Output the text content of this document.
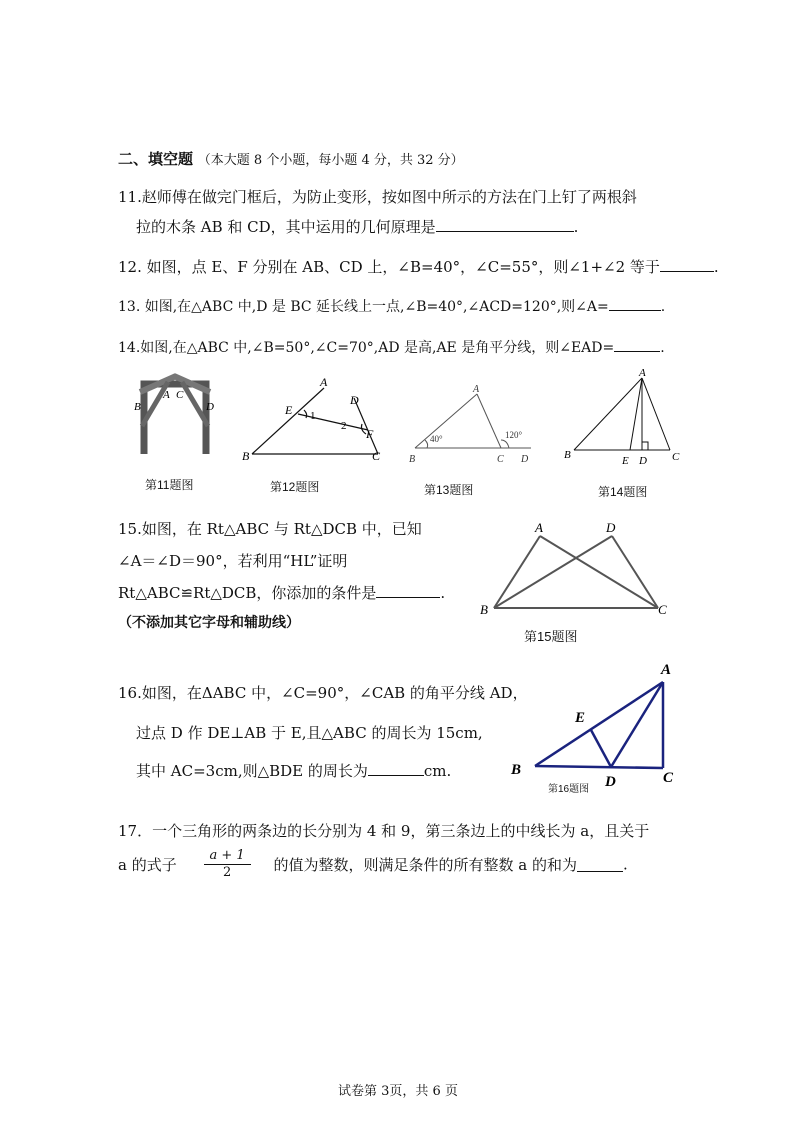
二、填空题 （本大题 8 个小题，每小题 4 分，共 32 分）
11.赵师傅在做完门框后，为防止变形，按如图中所示的方法在门上钉了两根斜
拉的木条 AB 和 CD，其中运用的几何原理是	.
12. 如图，点 E、F 分别在 AB、CD 上，∠B=40°，∠C=55°，则∠1+∠2 等于	.
13. 如图,在△ABC 中,D 是 BC 延长线上一点,∠B=40°,∠ACD=120°,则∠A=	.
14.如图,在△ABC 中,∠B=50°,∠C=70°,AD 是高,AE 是角平分线，则∠EAD=	.
B
A C
D
第11题图
A
E 1
D
2
F
B	C
第12题图
A
40°	120°
B	C D
第13题图
A
B	E D C
第14题图
15.如图，在 Rt△ABC 与 Rt△DCB 中，已知
∠A＝∠D＝90°，若利用“HL”证明
Rt△ABC≌Rt△DCB，你添加的条件是	.
（不添加其它字母和辅助线）
A	D
B	C
第15题图
16.如图，在ΔABC 中，∠C=90°，∠CAB 的角平分线 AD，
过点 D 作 DE⊥AB 于 E,且△ABC 的周长为 15cm,
其中 AC=3cm,则△BDE 的周长为	cm.
A
E
B
D	C
第16题图
17．一个三角形的两条边的长分别为 4 和 9，第三条边上的中线长为 a，且关于
a 的式子 $\frac{a + 1}{2}$ 的值为整数，则满足条件的所有整数 a 的和为	.
试卷第 3页，共 6 页
